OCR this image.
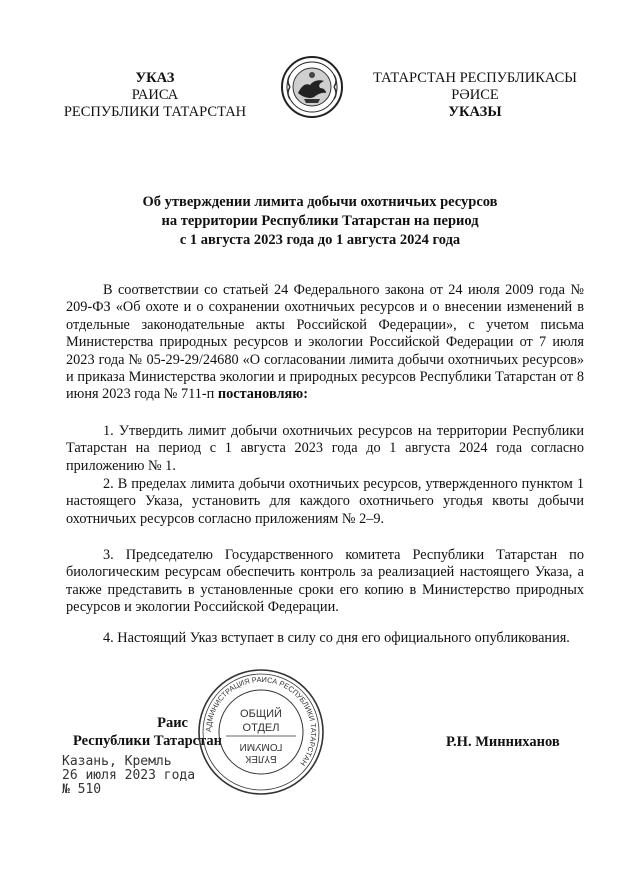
УКАЗ
РАИСА
РЕСПУБЛИКИ ТАТАРСТАН
ТАТАРСТАН РЕСПУБЛИКАСЫ
РӘИСЕ
УКАЗЫ
Об утверждении лимита добычи охотничьих ресурсов
на территории Республики Татарстан на период
с 1 августа 2023 года до 1 августа 2024 года

В соответствии со статьей 24 Федерального закона от 24 июля 2009 года № 209-ФЗ «Об охоте и о сохранении охотничьих ресурсов и о внесении изменений в отдельные законодательные акты Российской Федерации», с учетом письма Министерства природных ресурсов и экологии Российской Федерации от 7 июля 2023 года № 05-29-29/24680 «О согласовании лимита добычи охотничьих ресурсов» и приказа Министерства экологии и природных ресурсов Республики Татарстан от 8 июня 2023 года № 711-п постановляю:

1. Утвердить лимит добычи охотничьих ресурсов на территории Республики Татарстан на период с 1 августа 2023 года до 1 августа 2024 года согласно приложению № 1.

2. В пределах лимита добычи охотничьих ресурсов, утвержденного пунктом 1 настоящего Указа, установить для каждого охотничьего угодья квоты добычи охотничьих ресурсов согласно приложениям № 2–9.

3. Председателю Государственного комитета Республики Татарстан по биологическим ресурсам обеспечить контроль за реализацией настоящего Указа, а также представить в установленные сроки его копию в Министерство природных ресурсов и экологии Российской Федерации.

4. Настоящий Указ вступает в силу со дня его официального опубликования.

Раис
Республики Татарстан	Р.Н. Минниханов
Казань, Кремль
26 июля 2023 года
№ 510
АДМИНИСТРАЦИЯ РАИСА РЕСПУБЛИКИ ТАТАРСТАН
ОБЩИЙ
ОТДЕЛ
БҮЛЕК
ГОМУМИ
